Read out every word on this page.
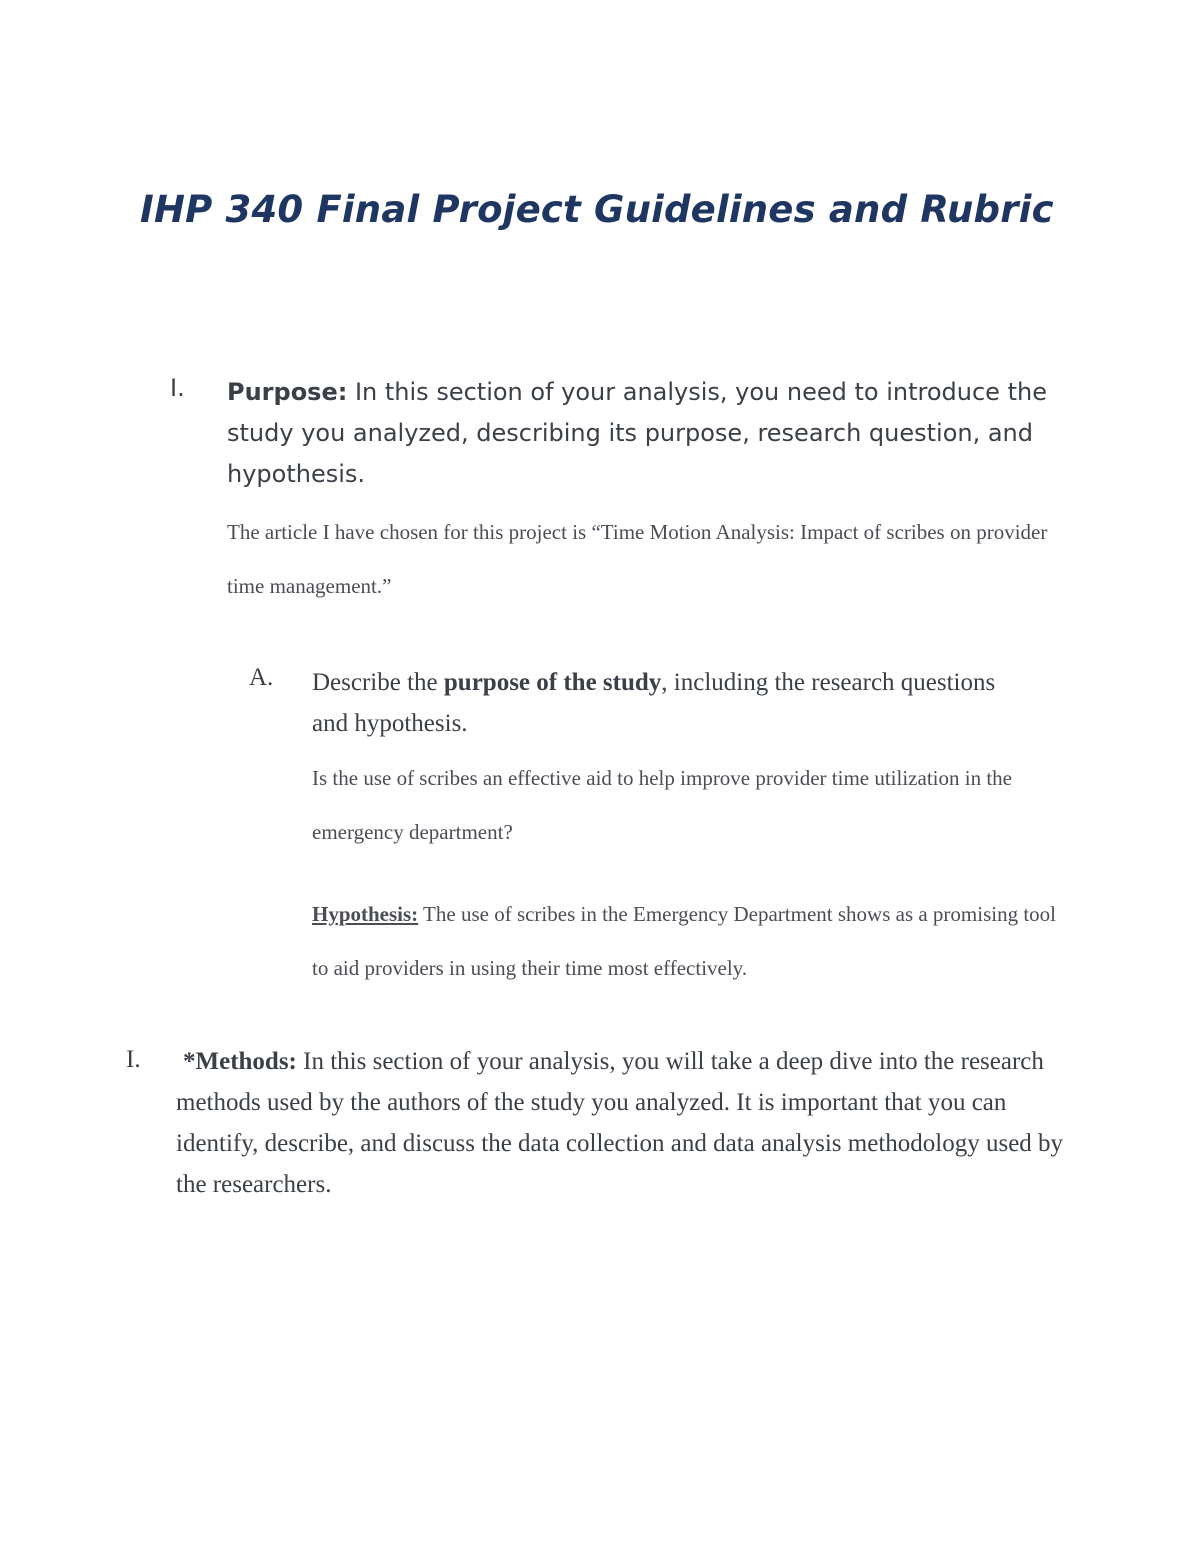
IHP 340 Final Project Guidelines and Rubric
I. Purpose: In this section of your analysis, you need to introduce the study you analyzed, describing its purpose, research question, and hypothesis.

The article I have chosen for this project is “Time Motion Analysis: Impact of scribes on provider time management.”

A. Describe the purpose of the study, including the research questions and hypothesis.

Is the use of scribes an effective aid to help improve provider time utilization in the emergency department?

Hypothesis: The use of scribes in the Emergency Department shows as a promising tool to aid providers in using their time most effectively.

I. *Methods: In this section of your analysis, you will take a deep dive into the research methods used by the authors of the study you analyzed. It is important that you can identify, describe, and discuss the data collection and data analysis methodology used by the researchers.
